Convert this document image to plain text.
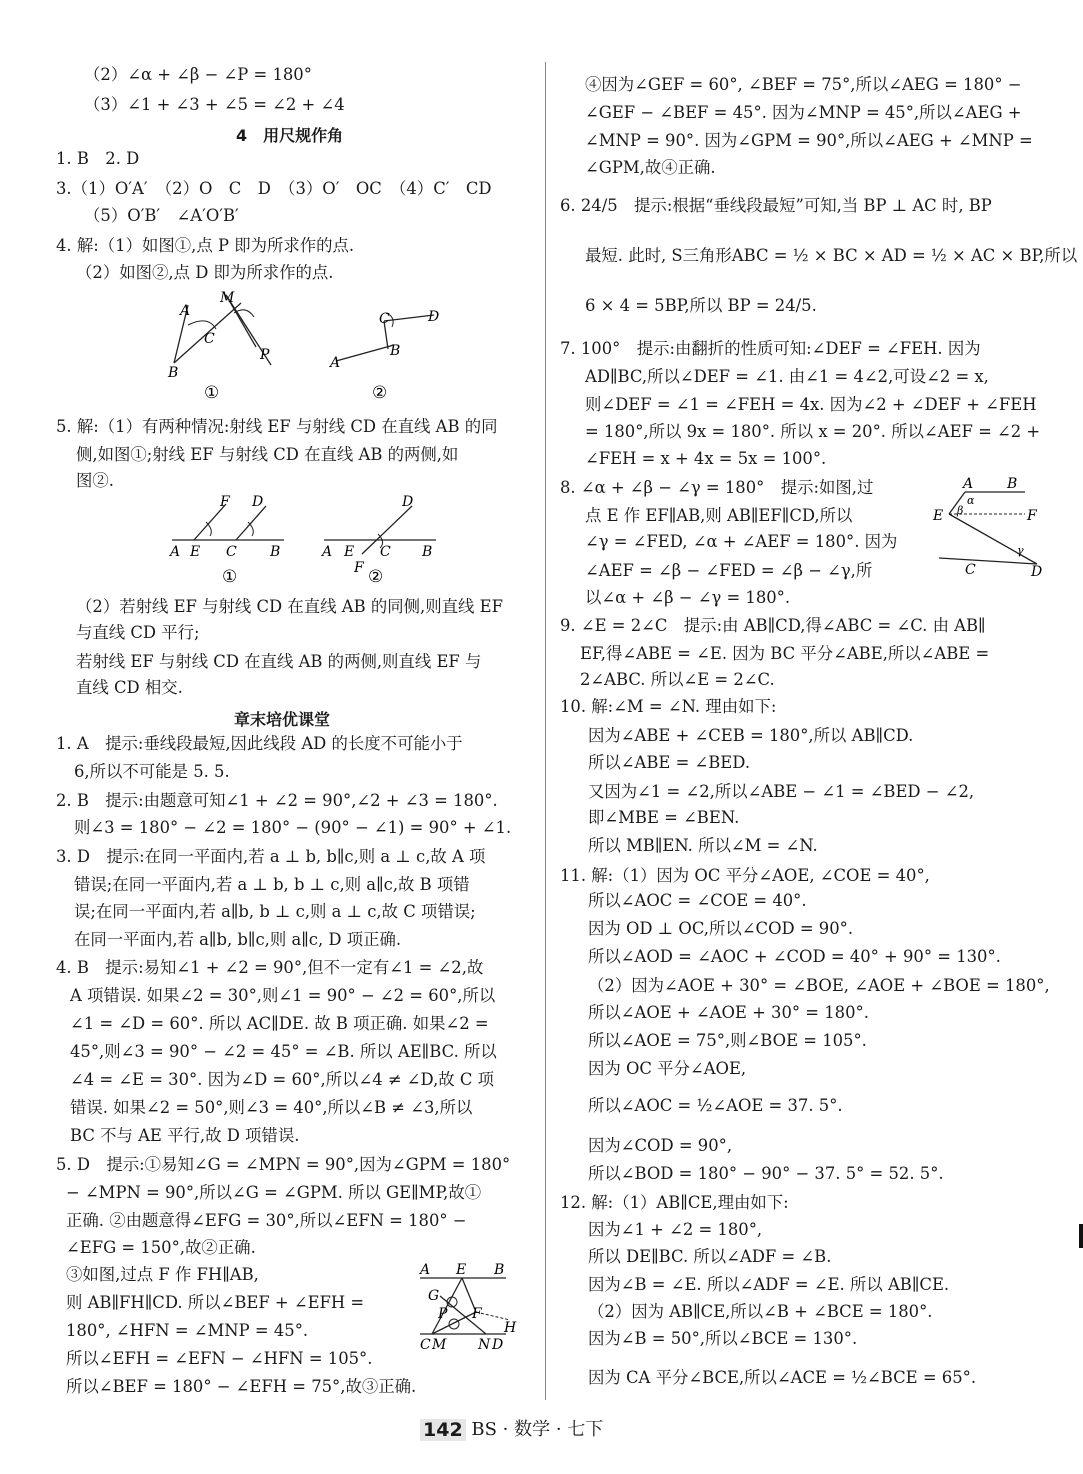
（2）∠α + ∠β − ∠P = 180°
（3）∠1 + ∠3 + ∠5 = ∠2 + ∠4
4　用尺规作角
1. B　2. D
3.（1）O′A′　（2）O　C　D　（3）O′　OC　（4）C′　CD
（5）O′B′　∠A′O′B′
4. 解:（1）如图①,点 P 即为所求作的点.
（2）如图②,点 D 即为所求作的点.
A
M
C
B
P
①
C	D
A
B
②
5. 解:（1）有两种情况:射线 EF 与射线 CD 在直线 AB 的同
侧,如图①;射线 EF 与射线 CD 在直线 AB 的两侧,如
图②.
F D
A E C B
①
D
A E C B
F ②
（2）若射线 EF 与射线 CD 在直线 AB 的同侧,则直线 EF
与直线 CD 平行;
若射线 EF 与射线 CD 在直线 AB 的两侧,则直线 EF 与
直线 CD 相交.
章末培优课堂
1. A　提示:垂线段最短,因此线段 AD 的长度不可能小于
6,所以不可能是 5. 5.
2. B　提示:由题意可知∠1 + ∠2 = 90°,∠2 + ∠3 = 180°.
则∠3 = 180° − ∠2 = 180° − (90° − ∠1) = 90° + ∠1.
3. D　提示:在同一平面内,若 a ⊥ b, b∥c,则 a ⊥ c,故 A 项
错误;在同一平面内,若 a ⊥ b, b ⊥ c,则 a∥c,故 B 项错
误;在同一平面内,若 a∥b, b ⊥ c,则 a ⊥ c,故 C 项错误;
在同一平面内,若 a∥b, b∥c,则 a∥c, D 项正确.
4. B　提示:易知∠1 + ∠2 = 90°,但不一定有∠1 = ∠2,故
A 项错误. 如果∠2 = 30°,则∠1 = 90° − ∠2 = 60°,所以
∠1 = ∠D = 60°. 所以 AC∥DE. 故 B 项正确. 如果∠2 =
45°,则∠3 = 90° − ∠2 = 45° = ∠B. 所以 AE∥BC. 所以
∠4 = ∠E = 30°. 因为∠D = 60°,所以∠4 ≠ ∠D,故 C 项
错误. 如果∠2 = 50°,则∠3 = 40°,所以∠B ≠ ∠3,所以
BC 不与 AE 平行,故 D 项错误.
5. D　提示:①易知∠G = ∠MPN = 90°,因为∠GPM = 180°
− ∠MPN = 90°,所以∠G = ∠GPM. 所以 GE∥MP,故①
正确. ②由题意得∠EFG = 30°,所以∠EFN = 180° −
∠EFG = 150°,故②正确.
③如图,过点 F 作 FH∥AB,
则 AB∥FH∥CD. 所以∠BEF + ∠EFH =
180°, ∠HFN = ∠MNP = 45°.
所以∠EFH = ∠EFN − ∠HFN = 105°.
所以∠BEF = 180° − ∠EFH = 75°,故③正确.
A E B
G
P F
H
C M N D
④因为∠GEF = 60°, ∠BEF = 75°,所以∠AEG = 180° −
∠GEF − ∠BEF = 45°. 因为∠MNP = 45°,所以∠AEG +
∠MNP = 90°. 因为∠GPM = 90°,所以∠AEG + ∠MNP =
∠GPM,故④正确.
6. 24/5　提示:根据“垂线段最短”可知,当 BP ⊥ AC 时, BP
最短. 此时, S三角形ABC = ½ × BC × AD = ½ × AC × BP,所以
6 × 4 = 5BP,所以 BP = 24/5.
7. 100°　提示:由翻折的性质可知:∠DEF = ∠FEH. 因为
AD∥BC,所以∠DEF = ∠1. 由∠1 = 4∠2,可设∠2 = x,
则∠DEF = ∠1 = ∠FEH = 4x. 因为∠2 + ∠DEF + ∠FEH
= 180°,所以 9x = 180°. 所以 x = 20°. 所以∠AEF = ∠2 +
∠FEH = x + 4x = 5x = 100°.
8. ∠α + ∠β − ∠γ = 180°　提示:如图,过
点 E 作 EF∥AB,则 AB∥EF∥CD,所以
∠γ = ∠FED, ∠α + ∠AEF = 180°. 因为
∠AEF = ∠β − ∠FED = ∠β − ∠γ,所
以∠α + ∠β − ∠γ = 180°.
A B
α
E β	F
γ
C	D
9. ∠E = 2∠C　提示:由 AB∥CD,得∠ABC = ∠C. 由 AB∥
EF,得∠ABE = ∠E. 因为 BC 平分∠ABE,所以∠ABE =
2∠ABC. 所以∠E = 2∠C.
10. 解:∠M = ∠N. 理由如下:
因为∠ABE + ∠CEB = 180°,所以 AB∥CD.
所以∠ABE = ∠BED.
又因为∠1 = ∠2,所以∠ABE − ∠1 = ∠BED − ∠2,
即∠MBE = ∠BEN.
所以 MB∥EN. 所以∠M = ∠N.
11. 解:（1）因为 OC 平分∠AOE, ∠COE = 40°,
所以∠AOC = ∠COE = 40°.
因为 OD ⊥ OC,所以∠COD = 90°.
所以∠AOD = ∠AOC + ∠COD = 40° + 90° = 130°.
（2）因为∠AOE + 30° = ∠BOE, ∠AOE + ∠BOE = 180°,
所以∠AOE + ∠AOE + 30° = 180°.
所以∠AOE = 75°,则∠BOE = 105°.
因为 OC 平分∠AOE,
所以∠AOC = ½∠AOE = 37. 5°.
因为∠COD = 90°,
所以∠BOD = 180° − 90° − 37. 5° = 52. 5°.
12. 解:（1）AB∥CE,理由如下:
因为∠1 + ∠2 = 180°,
所以 DE∥BC. 所以∠ADF = ∠B.
因为∠B = ∠E. 所以∠ADF = ∠E. 所以 AB∥CE.
（2）因为 AB∥CE,所以∠B + ∠BCE = 180°.
因为∠B = 50°,所以∠BCE = 130°.
因为 CA 平分∠BCE,所以∠ACE = ½∠BCE = 65°.
142 BS · 数学 · 七下
